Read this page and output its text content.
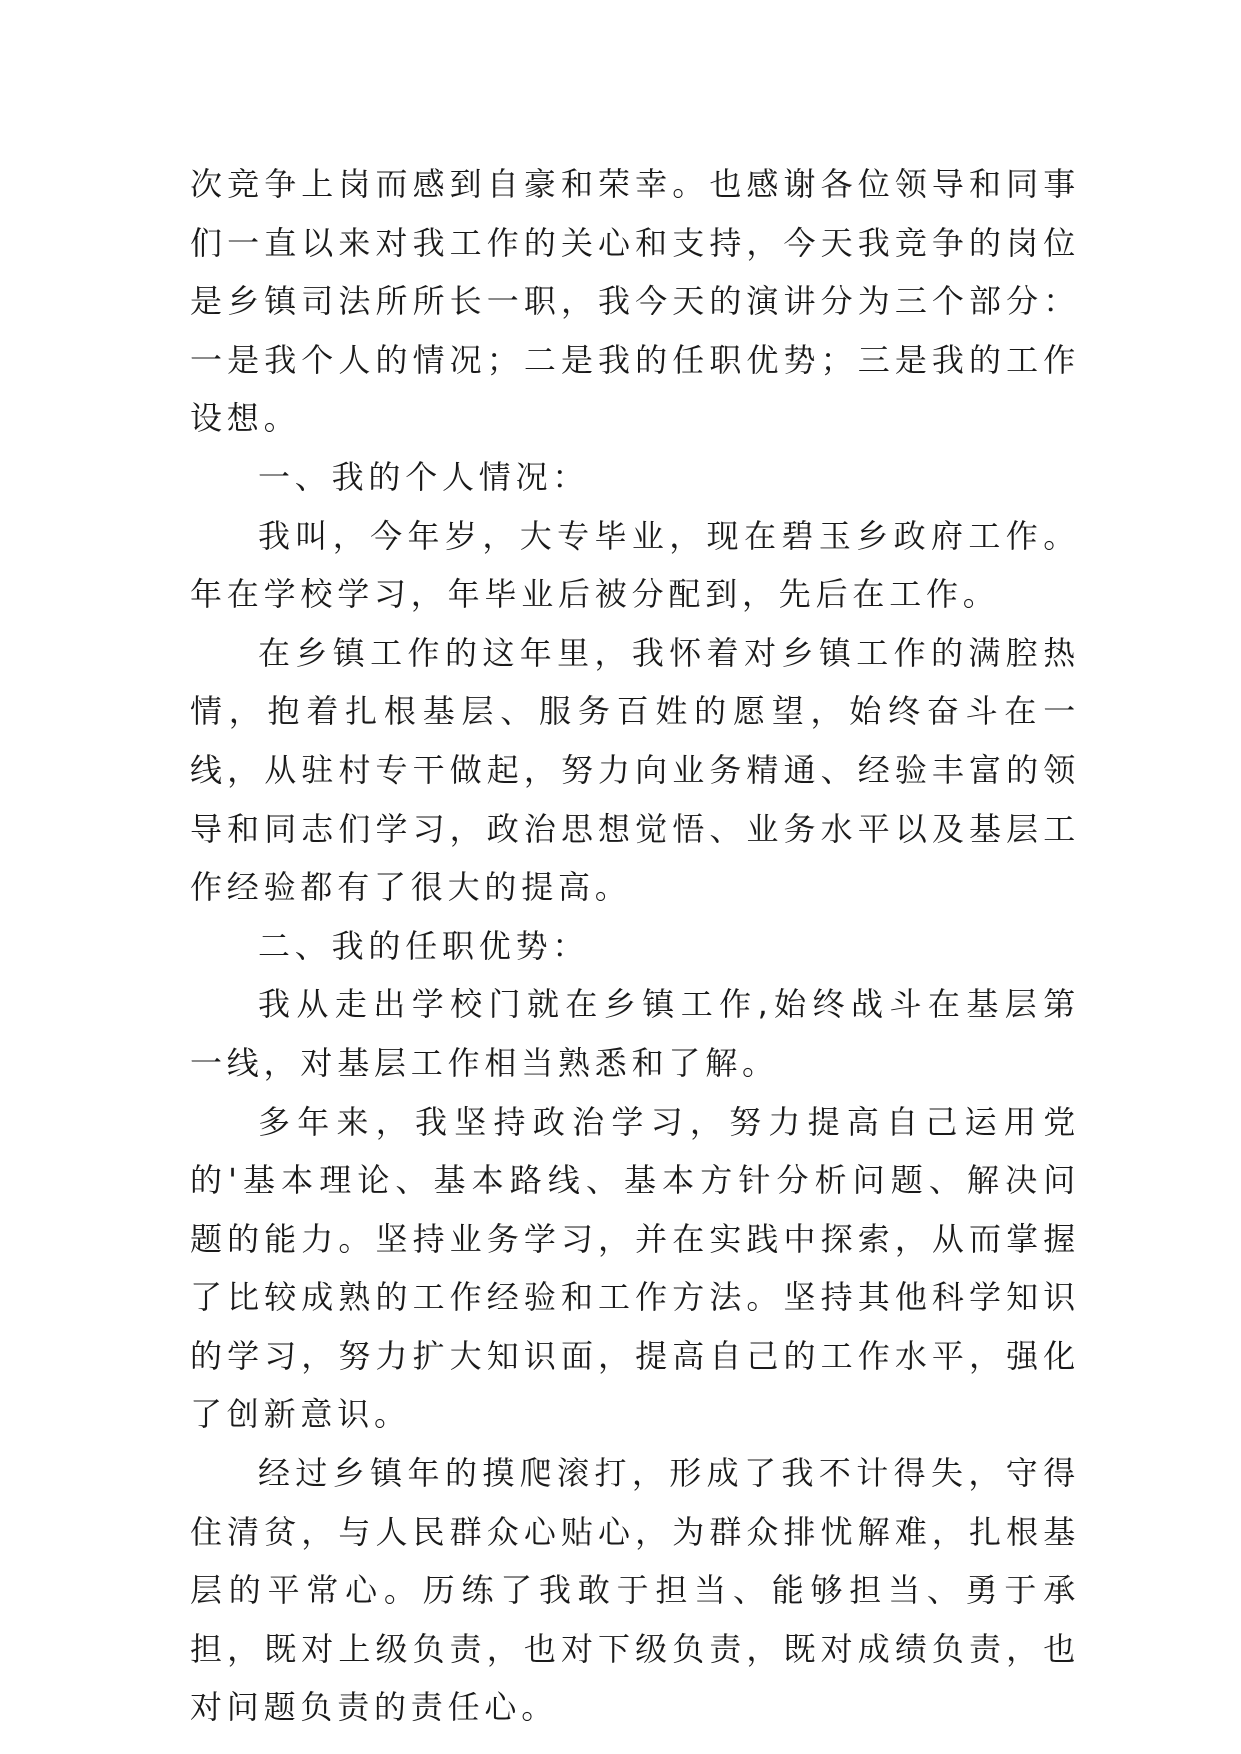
次竞争上岗而感到自豪和荣幸。也感谢各位领导和同事们一直以来对我工作的关心和支持，今天我竞争的岗位是乡镇司法所所长一职，我今天的演讲分为三个部分：一是我个人的情况；二是我的任职优势；三是我的工作设想。

一、我的个人情况：

我叫，今年岁，大专毕业，现在碧玉乡政府工作。年在学校学习，年毕业后被分配到，先后在工作。

在乡镇工作的这年里，我怀着对乡镇工作的满腔热情，抱着扎根基层、服务百姓的愿望，始终奋斗在一线，从驻村专干做起，努力向业务精通、经验丰富的领导和同志们学习，政治思想觉悟、业务水平以及基层工作经验都有了很大的提高。

二、我的任职优势：

我从走出学校门就在乡镇工作,始终战斗在基层第一线，对基层工作相当熟悉和了解。

多年来，我坚持政治学习，努力提高自己运用党的'基本理论、基本路线、基本方针分析问题、解决问题的能力。坚持业务学习，并在实践中探索，从而掌握了比较成熟的工作经验和工作方法。坚持其他科学知识的学习，努力扩大知识面，提高自己的工作水平，强化了创新意识。

经过乡镇年的摸爬滚打，形成了我不计得失，守得住清贫，与人民群众心贴心，为群众排忧解难，扎根基层的平常心。历练了我敢于担当、能够担当、勇于承担，既对上级负责，也对下级负责，既对成绩负责，也对问题负责的责任心。
